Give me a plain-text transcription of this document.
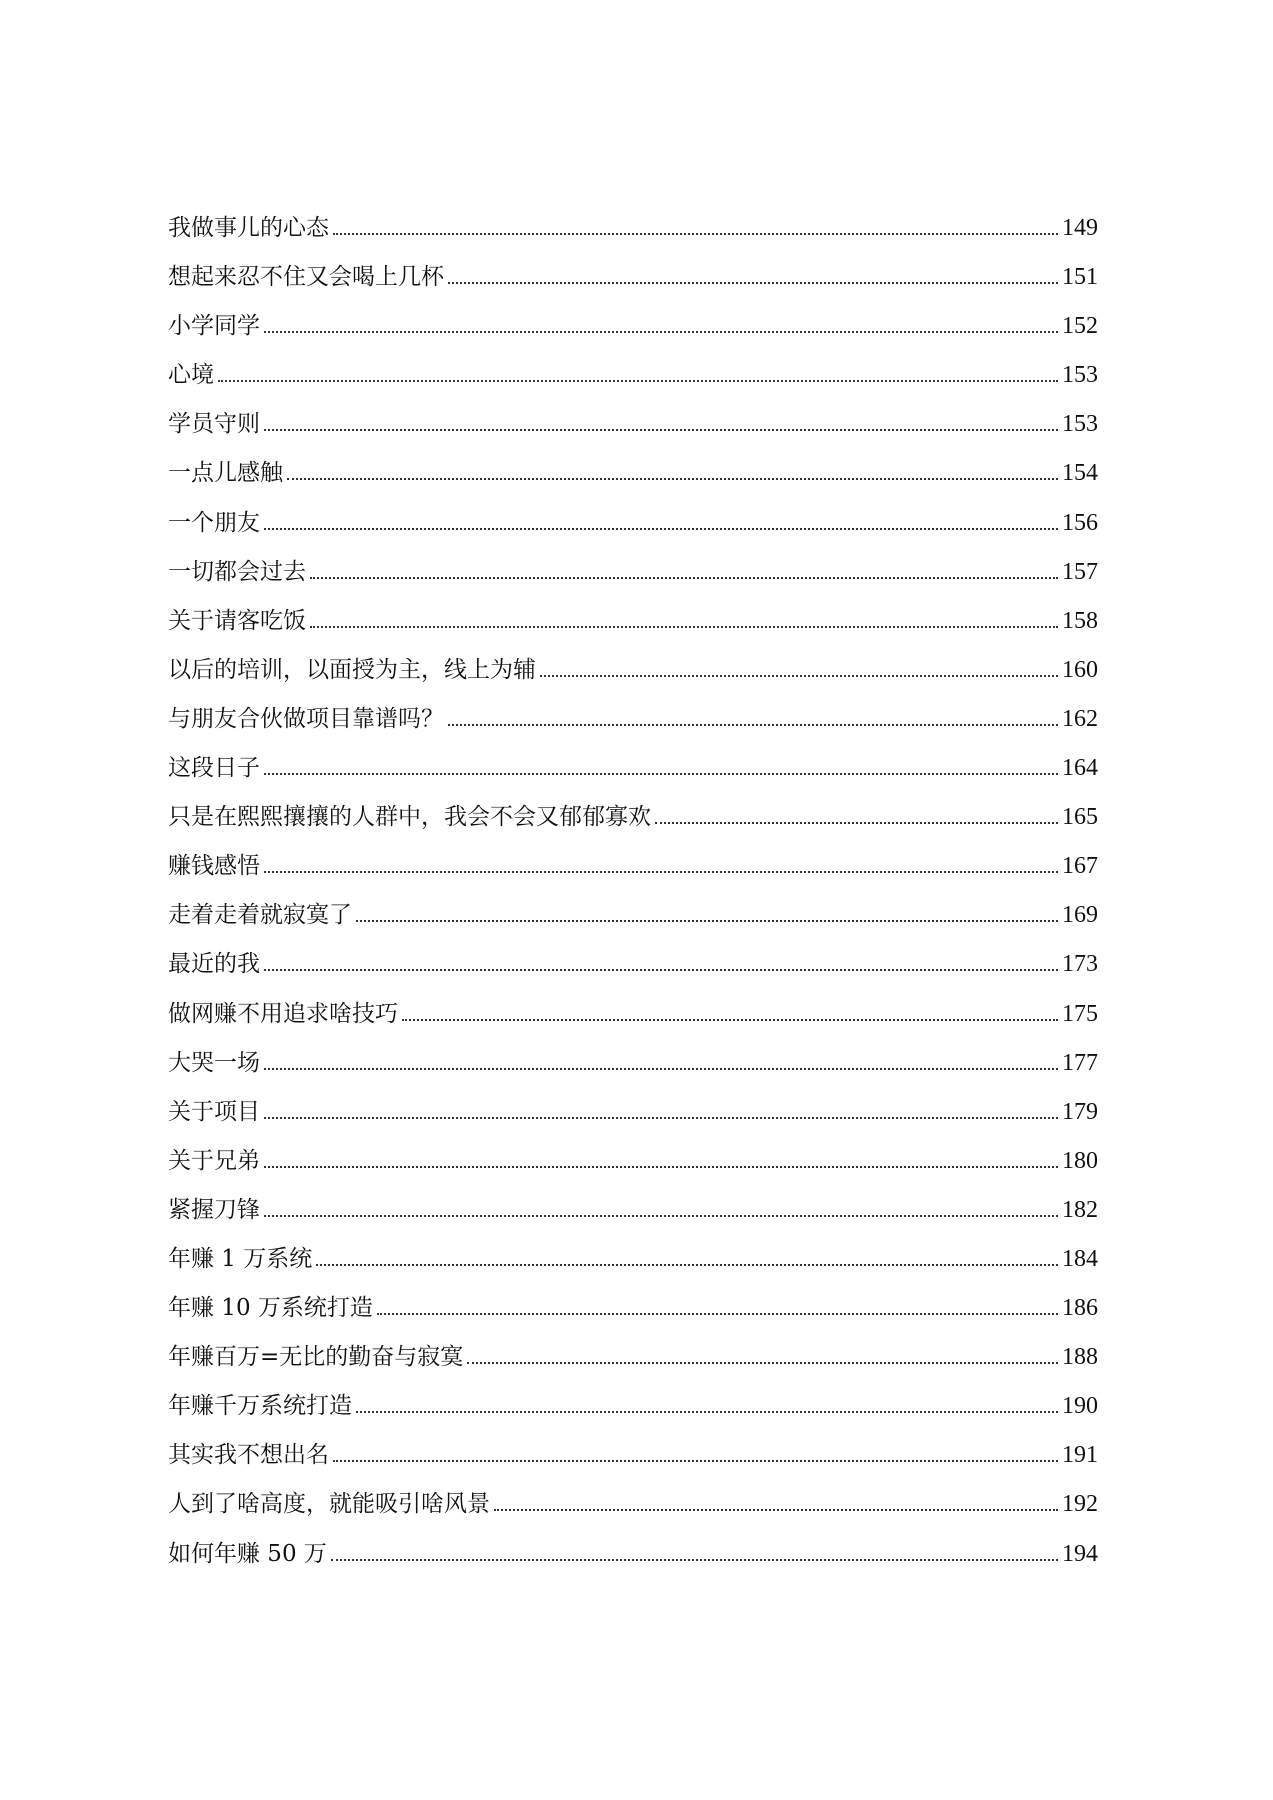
我做事儿的心态	149
想起来忍不住又会喝上几杯	151
小学同学	152
心境	153
学员守则	153
一点儿感触	154
一个朋友	156
一切都会过去	157
关于请客吃饭	158
以后的培训，以面授为主，线上为辅	160
与朋友合伙做项目靠谱吗？	162
这段日子	164
只是在熙熙攘攘的人群中，我会不会又郁郁寡欢	165
赚钱感悟	167
走着走着就寂寞了	169
最近的我	173
做网赚不用追求啥技巧	175
大哭一场	177
关于项目	179
关于兄弟	180
紧握刀锋	182
年赚 1 万系统	184
年赚 10 万系统打造	186
年赚百万=无比的勤奋与寂寞	188
年赚千万系统打造	190
其实我不想出名	191
人到了啥高度，就能吸引啥风景	192
如何年赚 50 万	194
